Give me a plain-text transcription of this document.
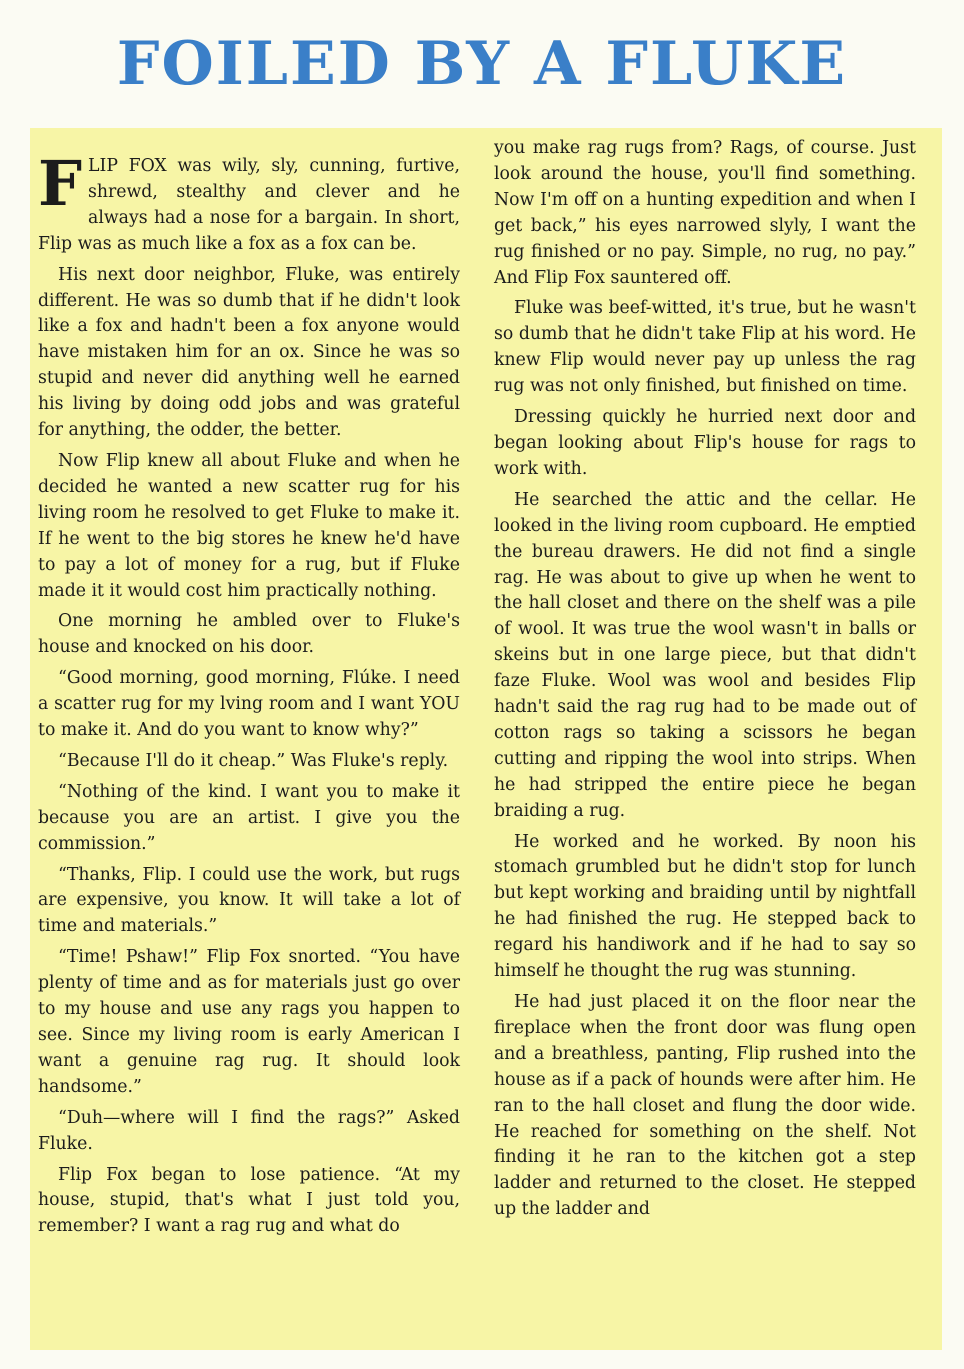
FOILED BY A FLUKE

FLIP FOX was wily, sly, cunning, furtive, shrewd, stealthy and clever and he always had a nose for a bargain. In short, Flip was as much like a fox as a fox can be.

His next door neighbor, Fluke, was entirely different. He was so dumb that if he didn't look like a fox and hadn't been a fox anyone would have mistaken him for an ox. Since he was so stupid and never did anything well he earned his living by doing odd jobs and was grateful for anything, the odder, the better.

Now Flip knew all about Fluke and when he decided he wanted a new scatter rug for his living room he resolved to get Fluke to make it. If he went to the big stores he knew he'd have to pay a lot of money for a rug, but if Fluke made it it would cost him practically nothing.

One morning he ambled over to Fluke's house and knocked on his door.

“Good morning, good morning, Flúke. I need a scatter rug for my lving room and I want YOU to make it. And do you want to know why?”

“Because I'll do it cheap.” Was Fluke's reply.

“Nothing of the kind. I want you to make it because you are an artist. I give you the commission.”

“Thanks, Flip. I could use the work, but rugs are expensive, you know. It will take a lot of time and materials.”

“Time! Pshaw!” Flip Fox snorted. “You have plenty of time and as for materials just go over to my house and use any rags you happen to see. Since my living room is early American I want a genuine rag rug. It should look handsome.”

“Duh—where will I find the rags?” Asked Fluke.

Flip Fox began to lose patience. “At my house, stupid, that's what I just told you, remember? I want a rag rug and what do

you make rag rugs from? Rags, of course. Just look around the house, you'll find something. Now I'm off on a hunting expedition and when I get back,” his eyes narrowed slyly, I want the rug finished or no pay. Simple, no rug, no pay.” And Flip Fox sauntered off.

Fluke was beef-witted, it's true, but he wasn't so dumb that he didn't take Flip at his word. He knew Flip would never pay up unless the rag rug was not only finished, but finished on time.

Dressing quickly he hurried next door and began looking about Flip's house for rags to work with.

He searched the attic and the cellar. He looked in the living room cupboard. He emptied the bureau drawers. He did not find a single rag. He was about to give up when he went to the hall closet and there on the shelf was a pile of wool. It was true the wool wasn't in balls or skeins but in one large piece, but that didn't faze Fluke. Wool was wool and besides Flip hadn't said the rag rug had to be made out of cotton rags so taking a scissors he began cutting and ripping the wool into strips. When he had stripped the entire piece he began braiding a rug.

He worked and he worked. By noon his stomach grumbled but he didn't stop for lunch but kept working and braiding until by nightfall he had finished the rug. He stepped back to regard his handiwork and if he had to say so himself he thought the rug was stunning.

He had just placed it on the floor near the fireplace when the front door was flung open and a breathless, panting, Flip rushed into the house as if a pack of hounds were after him. He ran to the hall closet and flung the door wide. He reached for something on the shelf. Not finding it he ran to the kitchen got a step ladder and returned to the closet. He stepped up the ladder and
